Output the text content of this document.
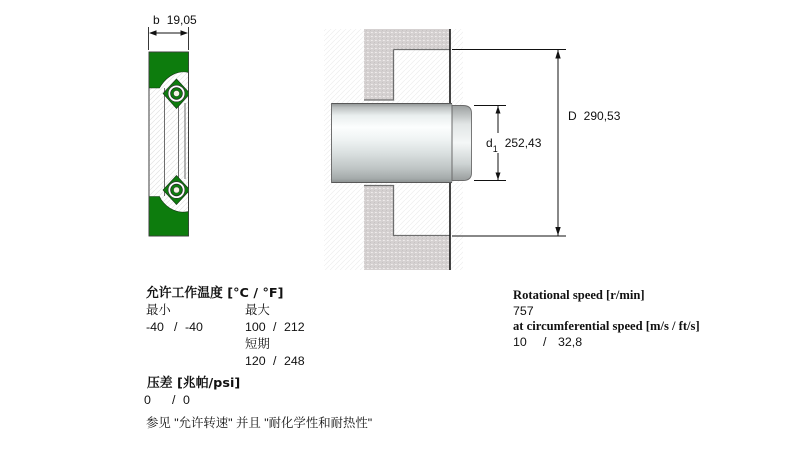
b 19,05
D 290,53
$d_1$ 252,43
允许工作温度 [°C / °F]
最小	最大
-40 / -40	100 / 212
短期
120 / 248
压差 [兆帕/psi]
0 / 0
参见 "允许转速" 并且 "耐化学性和耐热性"
Rotational speed [r/min]
757
at circumferential speed [m/s / ft/s]
10 / 32,8
